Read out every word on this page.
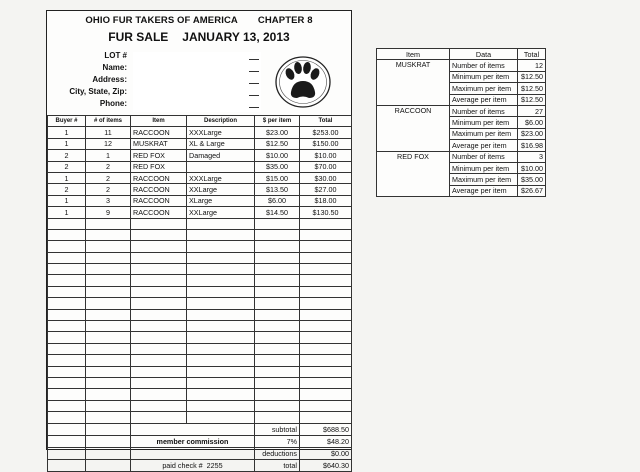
OHIO FUR TAKERS OF AMERICA CHAPTER 8
FUR SALE JANUARY 13, 2013
LOT #
Name:
Address:
City, State, Zip:
Phone:
Buyer #	# of items	Item	Description	$ per item	Total
1	11	RACCOON	XXXLarge	$23.00	$253.00
1	12	MUSKRAT	XL & Large	$12.50	$150.00
2	1	RED FOX	Damaged	$10.00	$10.00
2	2	RED FOX		$35.00	$70.00
1	2	RACCOON	XXXLarge	$15.00	$30.00
2	2	RACCOON	XXLarge	$13.50	$27.00
1	3	RACCOON	XLarge	$6.00	$18.00
1	9	RACCOON	XXLarge	$14.50	$130.50

				subtotal	$688.50
		member commission		7%	$48.20
				deductions	$0.00
		paid check # 2255		total	$640.30
Item	Data	Total
MUSKRAT	Number of items	12
	Minimum per item	$12.50
	Maximum per item	$12.50
	Average per item	$12.50
RACCOON	Number of items	27
	Minimum per item	$6.00
	Maximum per item	$23.00
	Average per item	$16.98
RED FOX	Number of items	3
	Minimum per item	$10.00
	Maximum per item	$35.00
	Average per item	$26.67
